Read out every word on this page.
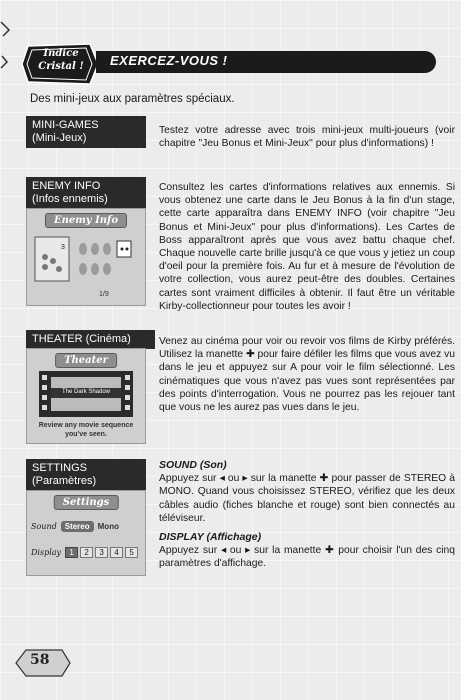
Indice Cristal !	EXERCEZ-VOUS !
Des mini-jeux aux paramètres spéciaux.
MINI-GAMES
(Mini-Jeux)
Testez votre adresse avec trois mini-jeux multi-joueurs (voir chapitre "Jeu Bonus et Mini-Jeux" pour plus d'informations) !
ENEMY INFO
(Infos ennemis)
Enemy Info
3
1/9
Consultez les cartes d'informations relatives aux ennemis. Si vous obtenez une carte dans le Jeu Bonus à la fin d'un stage, cette carte apparaîtra dans ENEMY INFO (voir chapitre "Jeu Bonus et Mini-Jeux" pour plus d'informations). Les Cartes de Boss apparaîtront après que vous avez battu chaque chef. Chaque nouvelle carte brille jusqu'à ce que vous y jetiez un coup d'oeil pour la première fois. Au fur et à mesure de l'évolution de votre collection, vous aurez peut-être des doubles. Certaines cartes sont vraiment difficiles à obtenir. Il faut être un véritable Kirby-collectionneur pour toutes les avoir !
THEATER (Cinéma)
Theater
The Dark Shadow
Review any movie sequence you've seen.
Venez au cinéma pour voir ou revoir vos films de Kirby préférés. Utilisez la manette ✚ pour faire défiler les films que vous avez vu dans le jeu et appuyez sur A pour voir le film sélectionné. Les cinématiques que vous n'avez pas vues sont représentées par des points d'interrogation. Vous ne pourrez pas les rejouer tant que vous ne les aurez pas vues dans le jeu.
SETTINGS
(Paramètres)
Settings
Sound	Stereo	Mono
Display	1	2	3	4	5
SOUND (Son)
Appuyez sur ◂ ou ▸ sur la manette ✚ pour passer de STEREO à MONO. Quand vous choisissez STEREO, vérifiez que les deux câbles audio (fiches blanche et rouge) sont bien connectés au téléviseur.
DISPLAY (Affichage)
Appuyez sur ◂ ou ▸ sur la manette ✚ pour choisir l'un des cinq paramètres d'affichage.
58
